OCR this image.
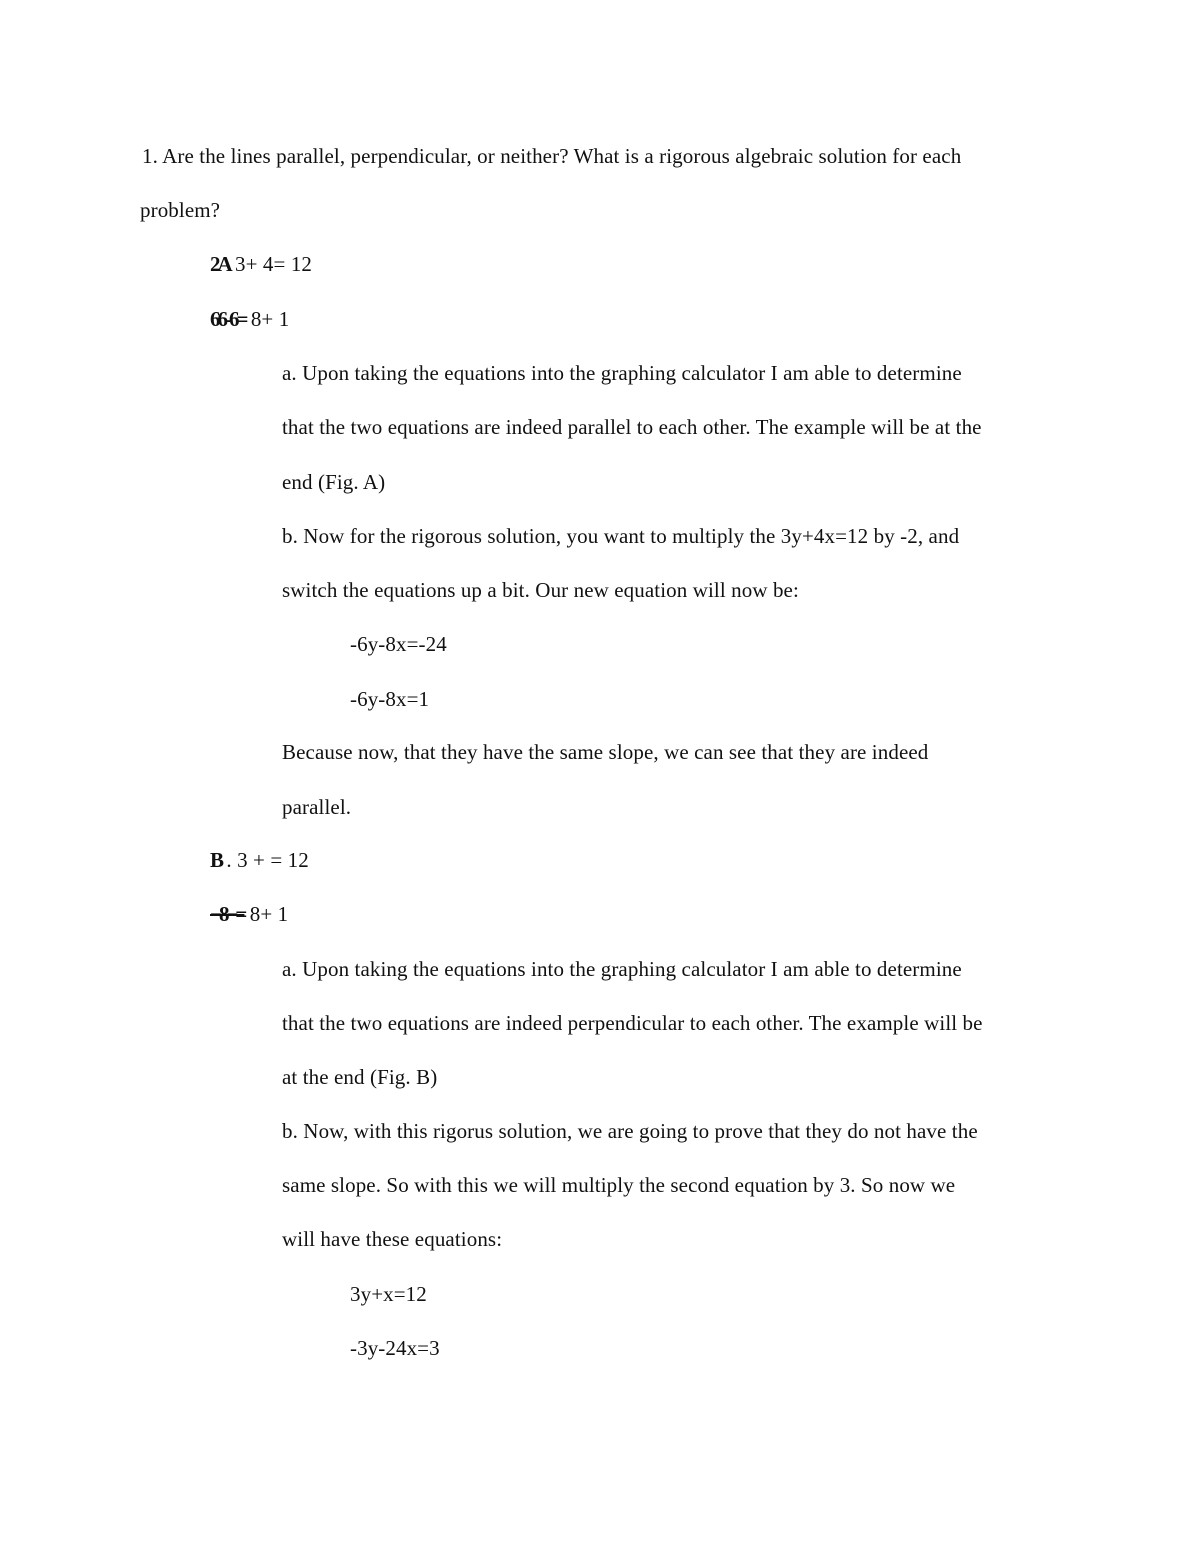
1. Are the lines parallel, perpendicular, or neither? What is a rigorous algebraic solution for each
problem?
2A 3+ 4= 12
66-6= 8+ 1
a. Upon taking the equations into the graphing calculator I am able to determine
that the two equations are indeed parallel to each other. The example will be at the
end (Fig. A)
b. Now for the rigorous solution, you want to multiply the 3y+4x=12 by -2, and
switch the equations up a bit. Our new equation will now be:
-6y-8x=-24
-6y-8x=1
Because now, that they have the same slope, we can see that they are indeed
parallel.
B . 3 + = 12
−8−= 8+ 1
a. Upon taking the equations into the graphing calculator I am able to determine
that the two equations are indeed perpendicular to each other. The example will be
at the end (Fig. B)
b. Now, with this rigorus solution, we are going to prove that they do not have the
same slope. So with this we will multiply the second equation by 3. So now we
will have these equations:
3y+x=12
-3y-24x=3
